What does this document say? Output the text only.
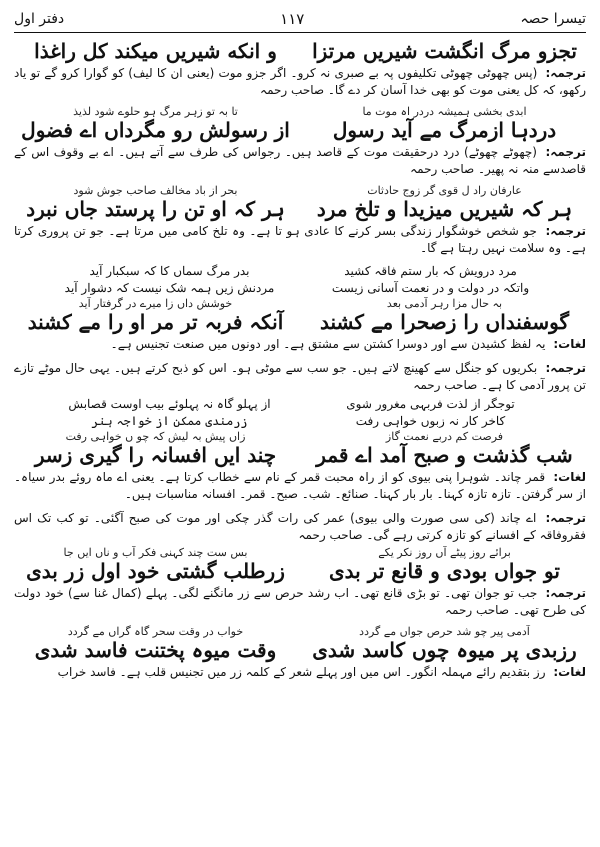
تیسرا حصہ
۱۱۷
دفتر اول
تجزو مرگ انگشت شیریں مرتزا
و انکه شیریں میکند کل راغذا
ترجمہ: (پس چھوٹی چھوٹی تکلیفوں پہ بے صبری نہ کرو۔ اگر جزو موت (یعنی ان کا لیف) کو گوارا کرو گے تو یاد رکھو، کہ کل یعنی موت کو بھی خدا آسان کر دے گا۔ صاحب رحمہ
ابدی بخشی ہمیشہ دردر اہ موت ما
تا بہ تو زہر مرگ ہو حلوے شود لذیذ
دردہا ازمرگ مے آید رسول
از رسولش رو مگرداں اے فضول
ترجمہ: (چھوٹے چھوٹے) درد درحقیقت موت کے قاصد ہیں۔ رجواس کی طرف سے آتے ہیں۔ اے بے وقوف اس کے قاصدسے منہ نہ پھیر۔ صاحب رحمہ
عارفان راد ل قوی گر زوج حادثات
بحر از باد مخالف صاحب جوش شود
ہر کہ شیریں میزیدا و تلخ مرد
ہر کہ او تن را پرستد جاں نبرد
ترجمہ: جو شخص خوشگوار زندگی بسر کرنے کا عادی ہو تا ہے۔ وہ تلخ کامی میں مرتا ہے۔ جو تن پروری کرتا ہے۔ وہ سلامت نہیں رہتا ہے گا۔
مرد درویش کہ بار ستم فاقہ کشید
بدر مرگ سماں کا کہ سبکبار آید
واتکہ در دولت و در نعمت آسانی زیست
مردنش زیں ہمہ شک نیست کہ دشوار آید
بہ حال مزا رہر آدمی بعد
خوشش داں زا میرے در گرفتار آید
گوسفنداں را زصحرا مے کشند
آنکہ فربہ تر مر او را مے کشند
لغات: یہ لفظ کشیدن سے اور دوسرا کشتن سے مشتق ہے۔ اور دونوں میں صنعت تجنیس ہے۔
ترجمہ: بکریوں کو جنگل سے کھینچ لاتے ہیں۔ جو سب سے موٹی ہو۔ اس کو ذبح کرتے ہیں۔ یہی حال موٹے تازے تن پرور آدمی کا ہے۔ صاحب رحمہ
توجگر از لذت فربہی مغرور شوی
از پہلو گاہ نہ پہلوئے بیب اوست قصابش
کاخر کار نہ زبوں خواہی رفت
زرمندی ممکن از خواجہ ہنر
فرصت کم دربے نعمت گاز
زاں پیش بہ لیش کہ چو ں خواہی رفت
شب گذشت و صبح آمد اے قمر
چند ایں افسانہ را گیری زسر
لغات: قمر چاند۔ شوہرا پنی بیوی کو از راہ محبت قمر کے نام سے خطاب کرتا ہے۔ یعنی اے ماہ روئے بدر سیاہ۔ از سر گرفتن۔ تازہ تازہ کہنا۔ بار بار کہنا۔ صنائع۔ شب۔ صبح۔ قمر۔ افسانہ مناسبات ہیں۔
ترجمہ: اے چاند (کی سی صورت والی بیوی) عمر کی رات گذر چکی اور موت کی صبح آگئی۔ تو کب تک اس فقروفاقہ کے افسانے کو تازہ کرتی رہے گی۔ صاحب رحمہ
برائے روز پیٹے آں روز نکر یکے
بس ست چند کہنی فکر آب و ناں ایں جا
تو جواں بودی و قانع تر بدی
زرطلب گشتی خود اول زر بدی
ترجمہ: جب تو جوان تھی۔ تو بڑی قانع تھی۔ اب رشد حرص سے زر مانگنے لگی۔ پہلے (کمال غنا سے) خود دولت کی طرح تھی۔ صاحب رحمہ
آدمی پیر چو شد حرص جواں مے گردد
خواب در وقت سحر گاہ گراں مے گردد
رزبدی پر میوہ چوں کاسد شدی
وقت میوہ پختنت فاسد شدی
لغات: رز بتقدیم رائے مہملہ انگور۔ اس میں اور پہلے شعر کے کلمہ زر میں تجنیس قلب ہے۔ فاسد خراب
